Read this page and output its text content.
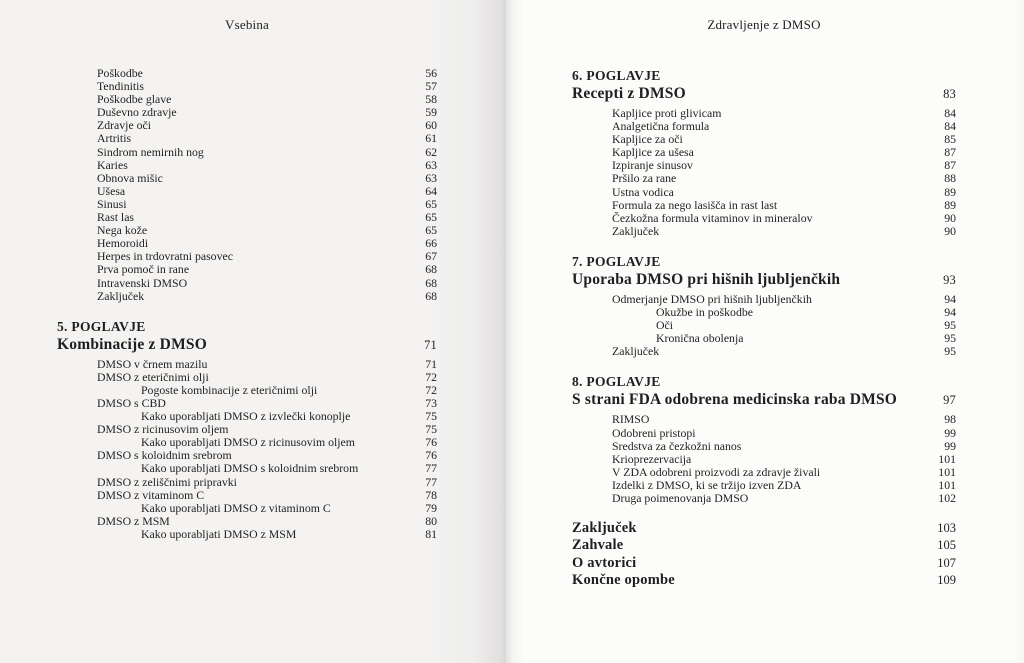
Vsebina
Poškodbe	56
Tendinitis	57
Poškodbe glave	58
Duševno zdravje	59
Zdravje oči	60
Artritis	61
Sindrom nemirnih nog	62
Karies	63
Obnova mišic	63
Ušesa	64
Sinusi	65
Rast las	65
Nega kože	65
Hemoroidi	66
Herpes in trdovratni pasovec	67
Prva pomoč in rane	68
Intravenski DMSO	68
Zaključek	68
5. POGLAVJE
Kombinacije z DMSO	71
DMSO v črnem mazilu	71
DMSO z eteričnimi olji	72
Pogoste kombinacije z eteričnimi olji	72
DMSO s CBD	73
Kako uporabljati DMSO z izvlečki konoplje	75
DMSO z ricinusovim oljem	75
Kako uporabljati DMSO z ricinusovim oljem	76
DMSO s koloidnim srebrom	76
Kako uporabljati DMSO s koloidnim srebrom	77
DMSO z zeliščnimi pripravki	77
DMSO z vitaminom C	78
Kako uporabljati DMSO z vitaminom C	79
DMSO z MSM	80
Kako uporabljati DMSO z MSM	81
Zdravljenje z DMSO
6. POGLAVJE
Recepti z DMSO	83
Kapljice proti glivicam	84
Analgetična formula	84
Kapljice za oči	85
Kapljice za ušesa	87
Izpiranje sinusov	87
Pršilo za rane	88
Ustna vodica	89
Formula za nego lasišča in rast last	89
Čezkožna formula vitaminov in mineralov	90
Zaključek	90
7. POGLAVJE
Uporaba DMSO pri hišnih ljubljenčkih	93
Odmerjanje DMSO pri hišnih ljubljenčkih	94
Okužbe in poškodbe	94
Oči	95
Kronična obolenja	95
Zaključek	95
8. POGLAVJE
S strani FDA odobrena medicinska raba DMSO	97
RIMSO	98
Odobreni pristopi	99
Sredstva za čezkožni nanos	99
Krioprezervacija	101
V ZDA odobreni proizvodi za zdravje živali	101
Izdelki z DMSO, ki se tržijo izven ZDA	101
Druga poimenovanja DMSO	102
Zaključek	103
Zahvale	105
O avtorici	107
Končne opombe	109
